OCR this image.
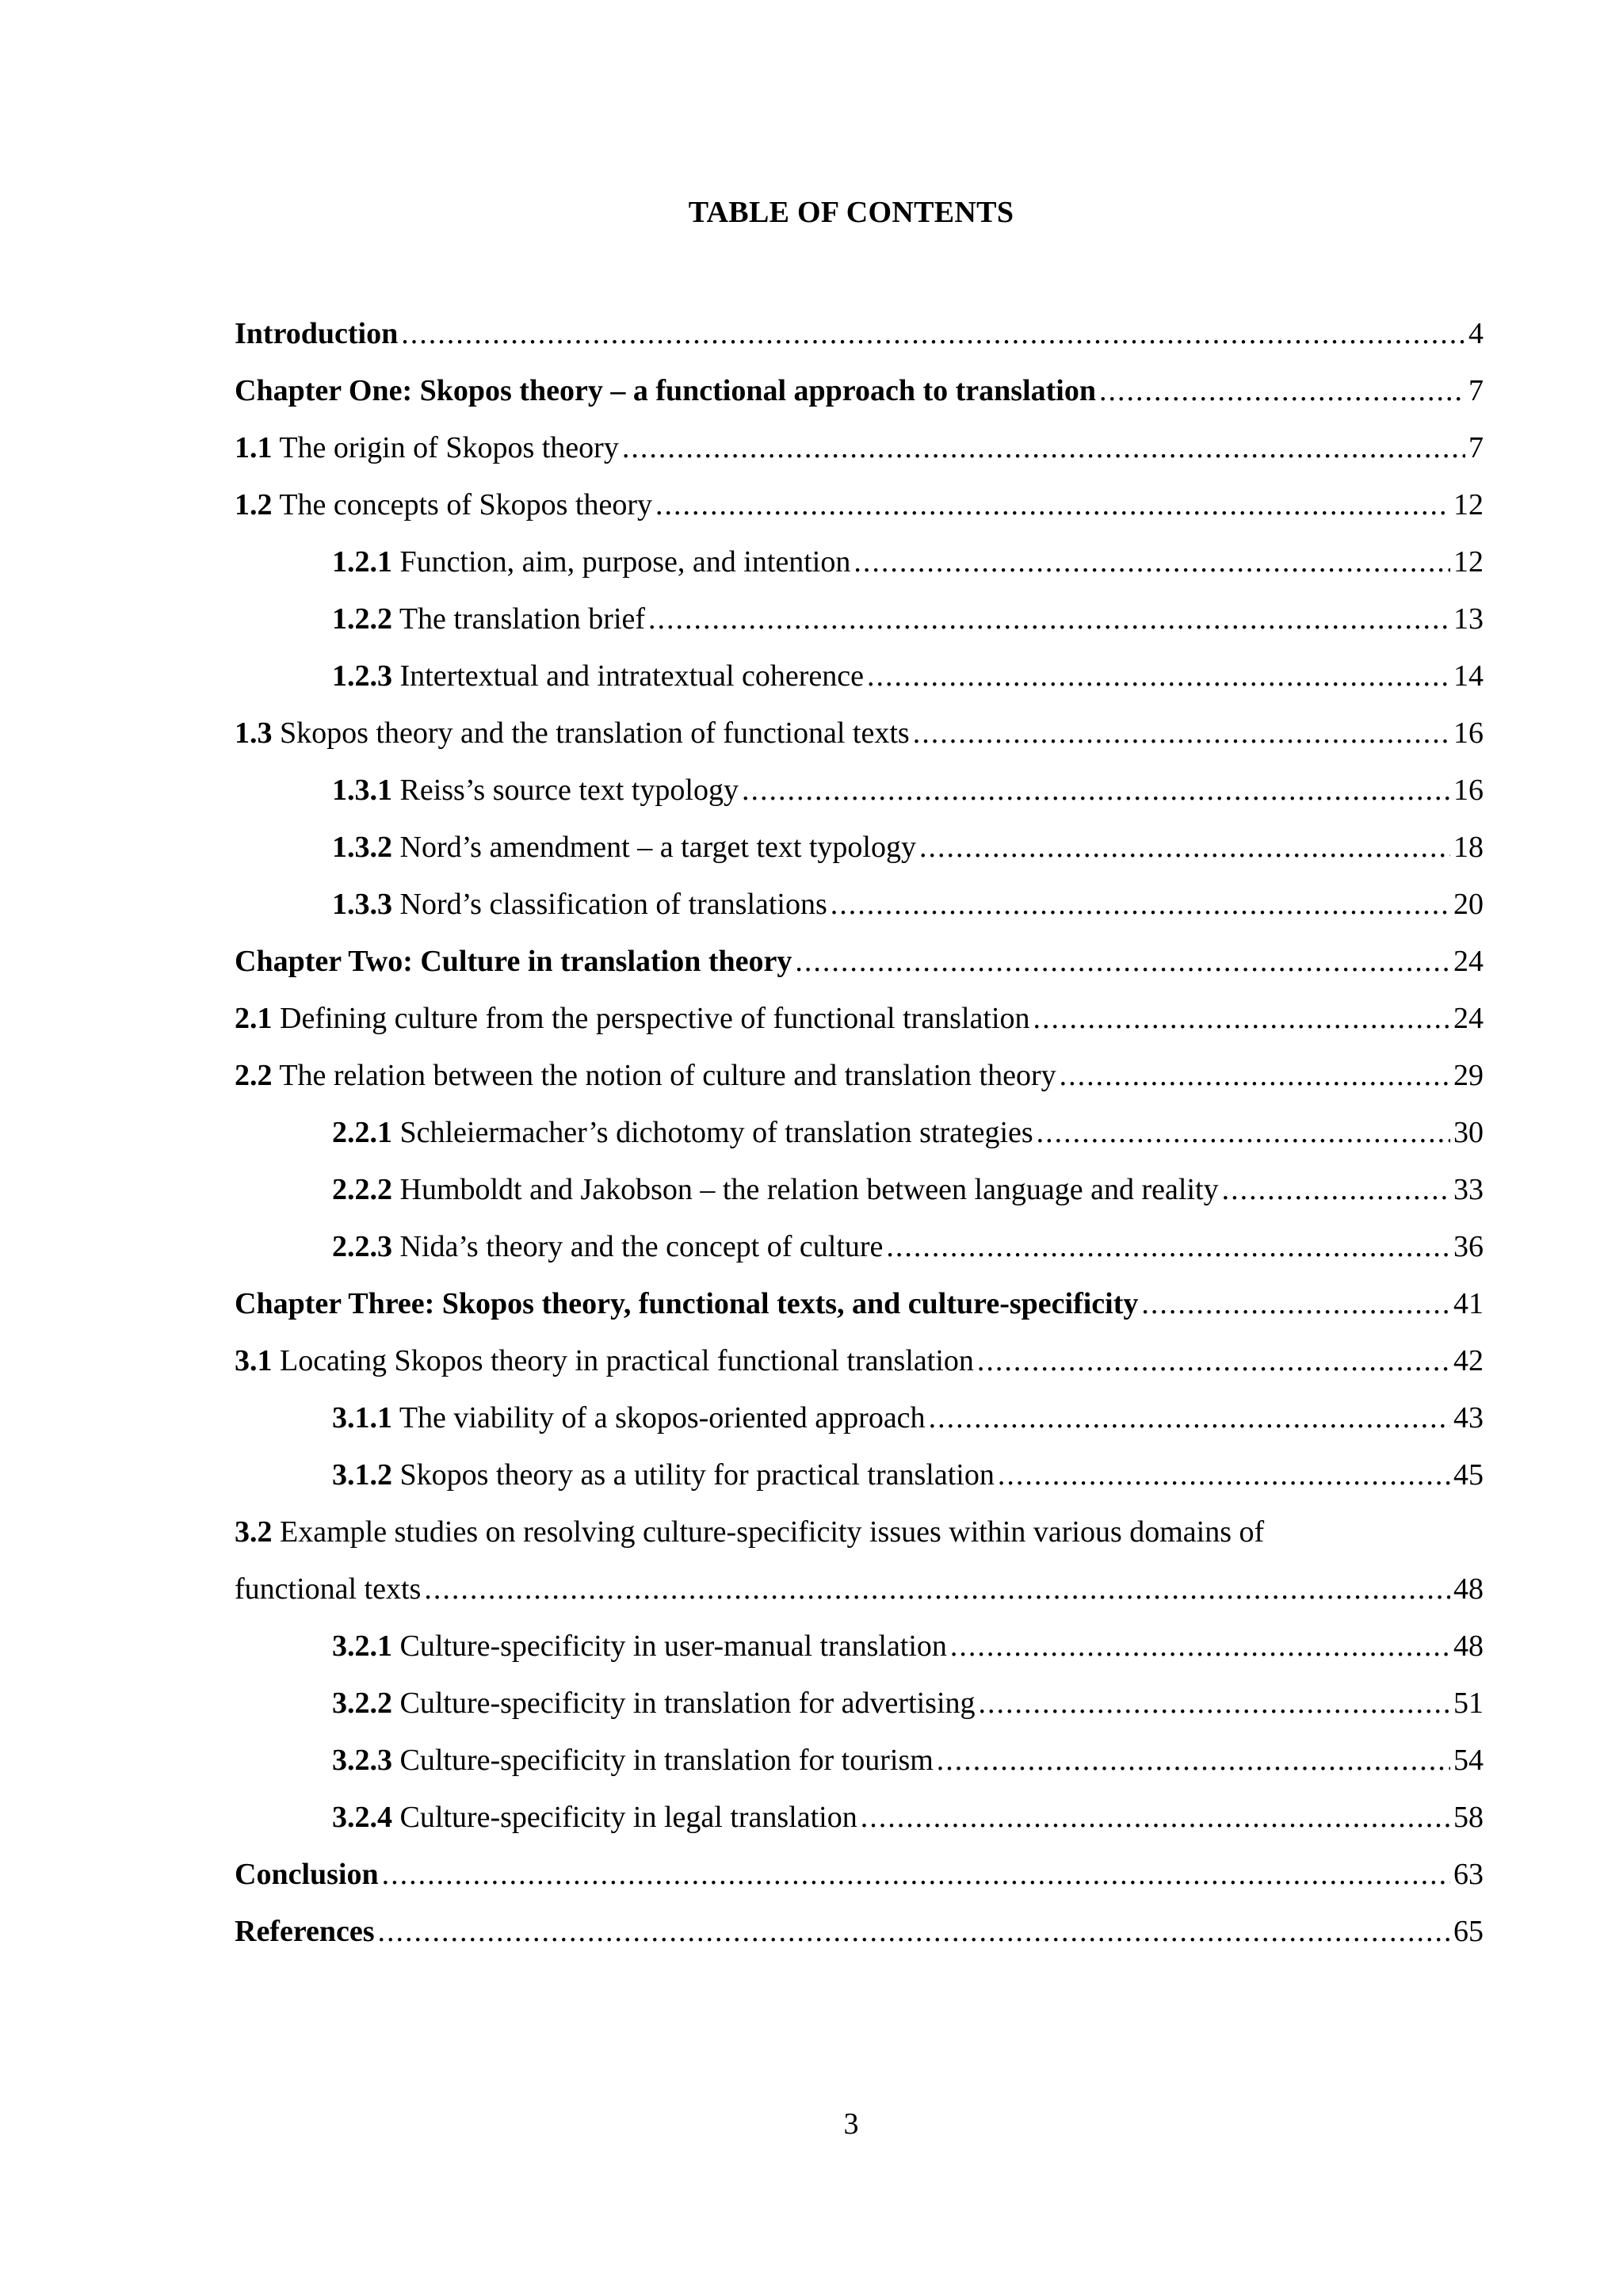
TABLE OF CONTENTS
Introduction .....	4
Chapter One: Skopos theory – a functional approach to translation .....	7
1.1 The origin of Skopos theory .....	7
1.2 The concepts of Skopos theory .....	12
1.2.1 Function, aim, purpose, and intention .....	12
1.2.2 The translation brief .....	13
1.2.3 Intertextual and intratextual coherence .....	14
1.3 Skopos theory and the translation of functional texts .....	16
1.3.1 Reiss’s source text typology .....	16
1.3.2 Nord’s amendment – a target text typology .....	18
1.3.3 Nord’s classification of translations .....	20
Chapter Two: Culture in translation theory .....	24
2.1 Defining culture from the perspective of functional translation .....	24
2.2 The relation between the notion of culture and translation theory .....	29
2.2.1 Schleiermacher’s dichotomy of translation strategies .....	30
2.2.2 Humboldt and Jakobson – the relation between language and reality .....	33
2.2.3 Nida’s theory and the concept of culture .....	36
Chapter Three: Skopos theory, functional texts, and culture-specificity .....	41
3.1 Locating Skopos theory in practical functional translation .....	42
3.1.1 The viability of a skopos-oriented approach .....	43
3.1.2 Skopos theory as a utility for practical translation .....	45
3.2 Example studies on resolving culture-specificity issues within various domains of
functional texts .....	48
3.2.1 Culture-specificity in user-manual translation .....	48
3.2.2 Culture-specificity in translation for advertising .....	51
3.2.3 Culture-specificity in translation for tourism .....	54
3.2.4 Culture-specificity in legal translation .....	58
Conclusion .....	63
References .....	65
3
